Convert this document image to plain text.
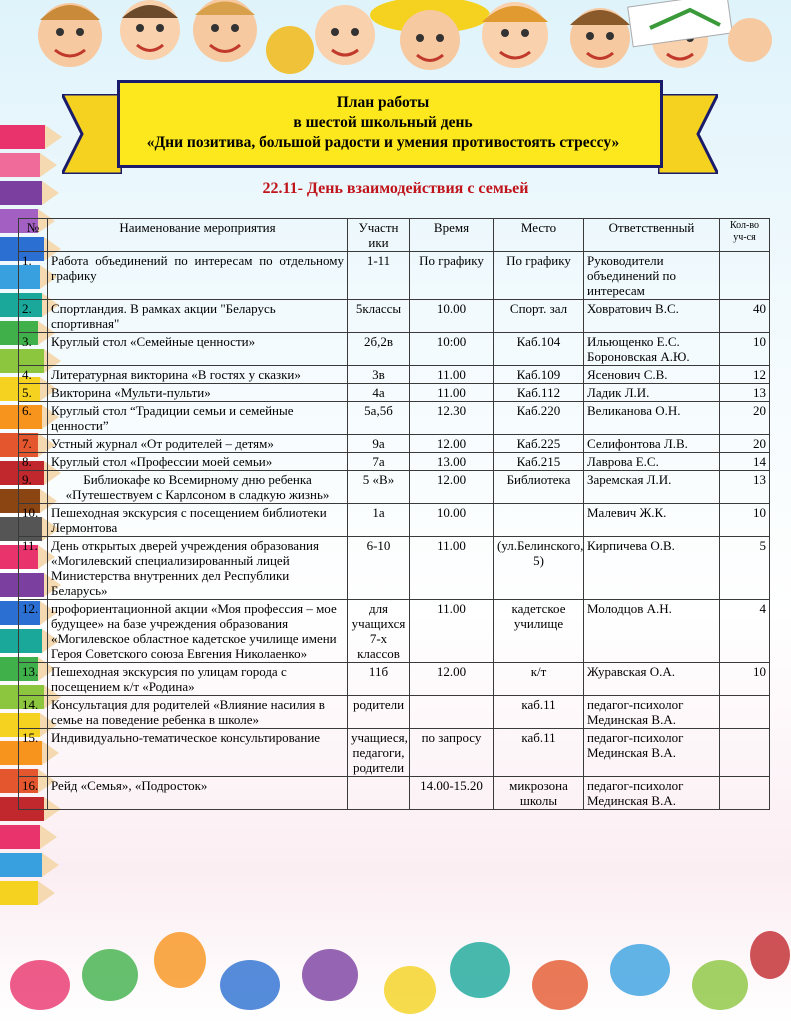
План работы
в шестой школьный день
«Дни позитива, большой радости и умения противостоять стрессу»
22.11- День взаимодействия с семьей
№	Наименование мероприятия	Участн ики	Время	Место	Ответственный	Кол-во уч-ся
1.	Работа объединений по интересам по отдельному графику	1-11	По графику	По графику	Руководители объединений по интересам	
2.	Спортландия. В рамках акции "Беларусь спортивная"	5классы	10.00	Спорт. зал	Ховратович В.С.	40
3.	Круглый стол «Семейные ценности»	2б,2в	10:00	Каб.104	Ильющенко Е.С. Бороновская А.Ю.	10
4.	Литературная викторина «В гостях у сказки»	3в	11.00	Каб.109	Ясенович С.В.	12
5.	Викторина «Мульти-пульти»	4а	11.00	Каб.112	Ладик Л.И.	13
6.	Круглый стол “Традиции семьи и семейные ценности”	5а,5б	12.30	Каб.220	Великанова О.Н.	20
7.	Устный журнал «От родителей – детям»	9а	12.00	Каб.225	Селифонтова Л.В.	20
8.	Круглый стол «Профессии моей семьи»	7а	13.00	Каб.215	Лаврова Е.С.	14
9.	Библиокафе ко Всемирному дню ребенка «Путешествуем с Карлсоном в сладкую жизнь»	5 «В»	12.00	Библиотека	Заремская Л.И.	13
10.	Пешеходная экскурсия с посещением библиотеки Лермонтова	1а	10.00		Малевич Ж.К.	10
11.	День открытых дверей учреждения образования «Могилевский специализированный лицей Министерства внутренних дел Республики Беларусь»	6-10	11.00	(ул.Белинского, 5)	Кирпичева О.В.	5
12.	профориентационной акции «Моя профессия – мое будущее» на базе учреждения образования «Могилевское областное кадетское училище имени Героя Советского союза Евгения Николаенко»	для учащихся 7-х классов	11.00	кадетское училище	Молодцов А.Н.	4
13.	Пешеходная экскурсия по улицам города с посещением к/т «Родина»	11б	12.00	к/т	Журавская О.А.	10
14.	Консультация для родителей «Влияние насилия в семье на поведение ребенка в школе»	родители		каб.11	педагог-психолог Мединская В.А.	
15.	Индивидуально-тематическое консультирование	учащиеся, педагоги, родители	по запросу	каб.11	педагог-психолог Мединская В.А.	
16.	Рейд «Семья», «Подросток»		14.00-15.20	микрозона школы	педагог-психолог Мединская В.А.	
